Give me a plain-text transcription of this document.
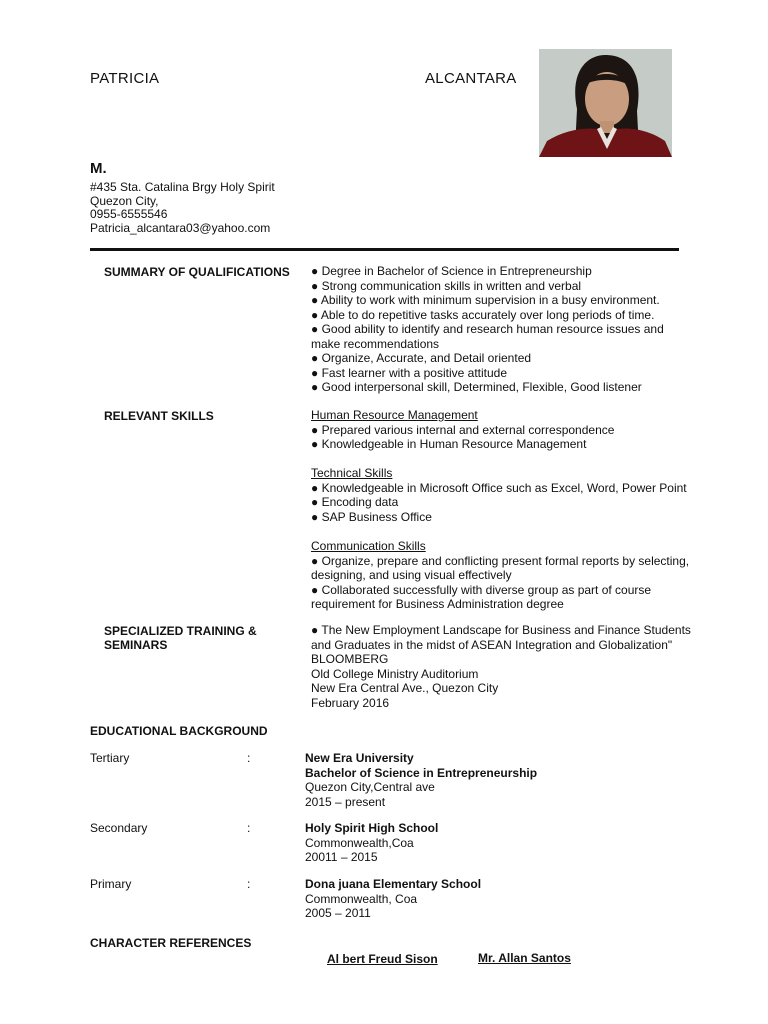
PATRICIA	ALCANTARA
M.
#435 Sta. Catalina Brgy Holy Spirit
Quezon City,
0955-6555546
Patricia_alcantara03@yahoo.com
SUMMARY OF QUALIFICATIONS ● Degree in Bachelor of Science in Entrepreneurship
● Strong communication skills in written and verbal
● Ability to work with minimum supervision in a busy environment.
● Able to do repetitive tasks accurately over long periods of time.
● Good ability to identify and research human resource issues and
make recommendations
● Organize, Accurate, and Detail oriented
● Fast learner with a positive attitude
● Good interpersonal skill, Determined, Flexible, Good listener
RELEVANT SKILLS	Human Resource Management
● Prepared various internal and external correspondence
● Knowledgeable in Human Resource Management
Technical Skills
● Knowledgeable in Microsoft Office such as Excel, Word, Power Point
● Encoding data
● SAP Business Office
Communication Skills
● Organize, prepare and conflicting present formal reports by selecting,
designing, and using visual effectively
● Collaborated successfully with diverse group as part of course
requirement for Business Administration degree
SPECIALIZED TRAINING &
SEMINARS
● The New Employment Landscape for Business and Finance Students
and Graduates in the midst of ASEAN Integration and Globalization"
BLOOMBERG
Old College Ministry Auditorium
New Era Central Ave., Quezon City
February 2016
EDUCATIONAL BACKGROUND
Tertiary	:	New Era University
Bachelor of Science in Entrepreneurship
Quezon City,Central ave
2015 – present
Secondary	:	Holy Spirit High School
Commonwealth,Coa
20011 – 2015
Primary	:	Dona juana Elementary School
Commonwealth, Coa
2005 – 2011
CHARACTER REFERENCES
Al bert Freud Sison	Mr. Allan Santos
